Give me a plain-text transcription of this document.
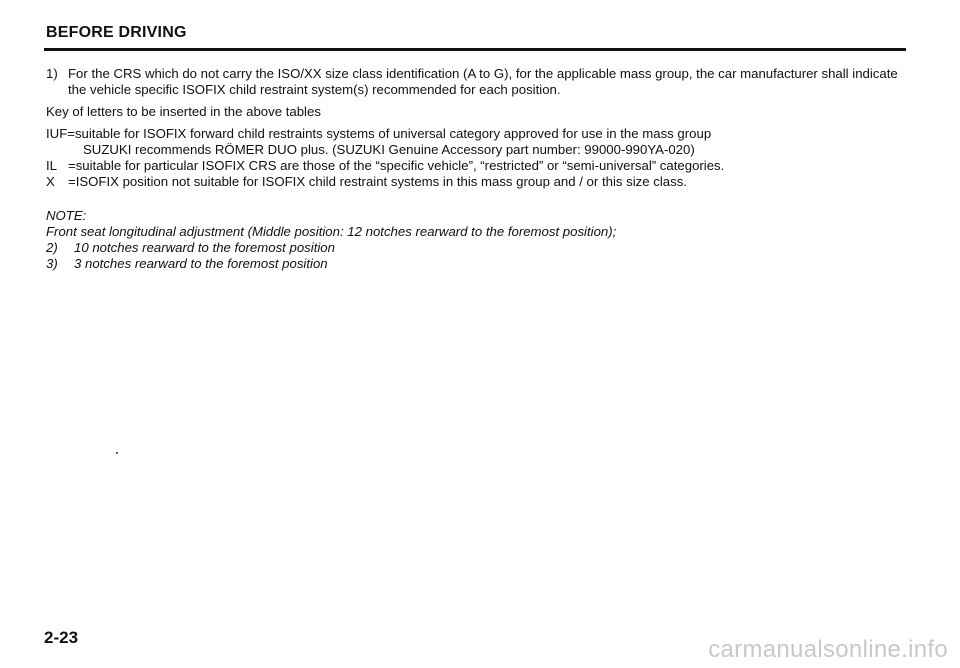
BEFORE DRIVING
1) For the CRS which do not carry the ISO/XX size class identification (A to G), for the applicable mass group, the car manufacturer shall indicate the vehicle specific ISOFIX child restraint system(s) recommended for each position.
Key of letters to be inserted in the above tables
IUF =suitable for ISOFIX forward child restraints systems of universal category approved for use in the mass group
SUZUKI recommends RÖMER DUO plus. (SUZUKI Genuine Accessory part number: 99000-990YA-020)
IL =suitable for particular ISOFIX CRS are those of the “specific vehicle”, “restricted” or “semi-universal” categories.
X	=ISOFIX position not suitable for ISOFIX child restraint systems in this mass group and / or this size class.
NOTE:
Front seat longitudinal adjustment (Middle position: 12 notches rearward to the foremost position);
2)	10 notches rearward to the foremost position
3)	3 notches rearward to the foremost position
2-23	carmanualsonline.info
